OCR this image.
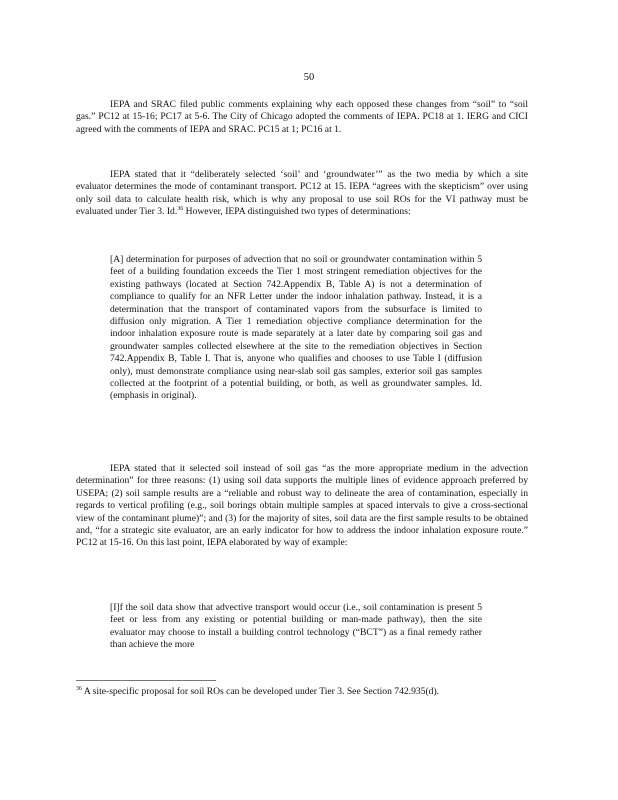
50

IEPA and SRAC filed public comments explaining why each opposed these changes from “soil” to “soil gas.” PC12 at 15-16; PC17 at 5-6. The City of Chicago adopted the comments of IEPA. PC18 at 1. IERG and CICI agreed with the comments of IEPA and SRAC. PC15 at 1; PC16 at 1.

IEPA stated that it “deliberately selected ‘soil’ and ‘groundwater’” as the two media by which a site evaluator determines the mode of contaminant transport. PC12 at 15. IEPA “agrees with the skepticism” over using only soil data to calculate health risk, which is why any proposal to use soil ROs for the VI pathway must be evaluated under Tier 3. Id.$^{36}$ However, IEPA distinguished two types of determinations:

[A] determination for purposes of advection that no soil or groundwater contamination within 5 feet of a building foundation exceeds the Tier 1 most stringent remediation objectives for the existing pathways (located at Section 742.Appendix B, Table A) is not a determination of compliance to qualify for an NFR Letter under the indoor inhalation pathway. Instead, it is a determination that the transport of contaminated vapors from the subsurface is limited to diffusion only migration. A Tier 1 remediation objective compliance determination for the indoor inhalation exposure route is made separately at a later date by comparing soil gas and groundwater samples collected elsewhere at the site to the remediation objectives in Section 742.Appendix B, Table I. That is, anyone who qualifies and chooses to use Table I (diffusion only), must demonstrate compliance using near-slab soil gas samples, exterior soil gas samples collected at the footprint of a potential building, or both, as well as groundwater samples. Id. (emphasis in original).

IEPA stated that it selected soil instead of soil gas “as the more appropriate medium in the advection determination” for three reasons: (1) using soil data supports the multiple lines of evidence approach preferred by USEPA; (2) soil sample results are a “reliable and robust way to delineate the area of contamination, especially in regards to vertical profiling (e.g., soil borings obtain multiple samples at spaced intervals to give a cross-sectional view of the contaminant plume)”; and (3) for the majority of sites, soil data are the first sample results to be obtained and, “for a strategic site evaluator, are an early indicator for how to address the indoor inhalation exposure route.” PC12 at 15-16. On this last point, IEPA elaborated by way of example:

[I]f the soil data show that advective transport would occur (i.e., soil contamination is present 5 feet or less from any existing or potential building or man-made pathway), then the site evaluator may choose to install a building control technology (“BCT”) as a final remedy rather than achieve the more

$^{36}$ A site-specific proposal for soil ROs can be developed under Tier 3. See Section 742.935(d).
